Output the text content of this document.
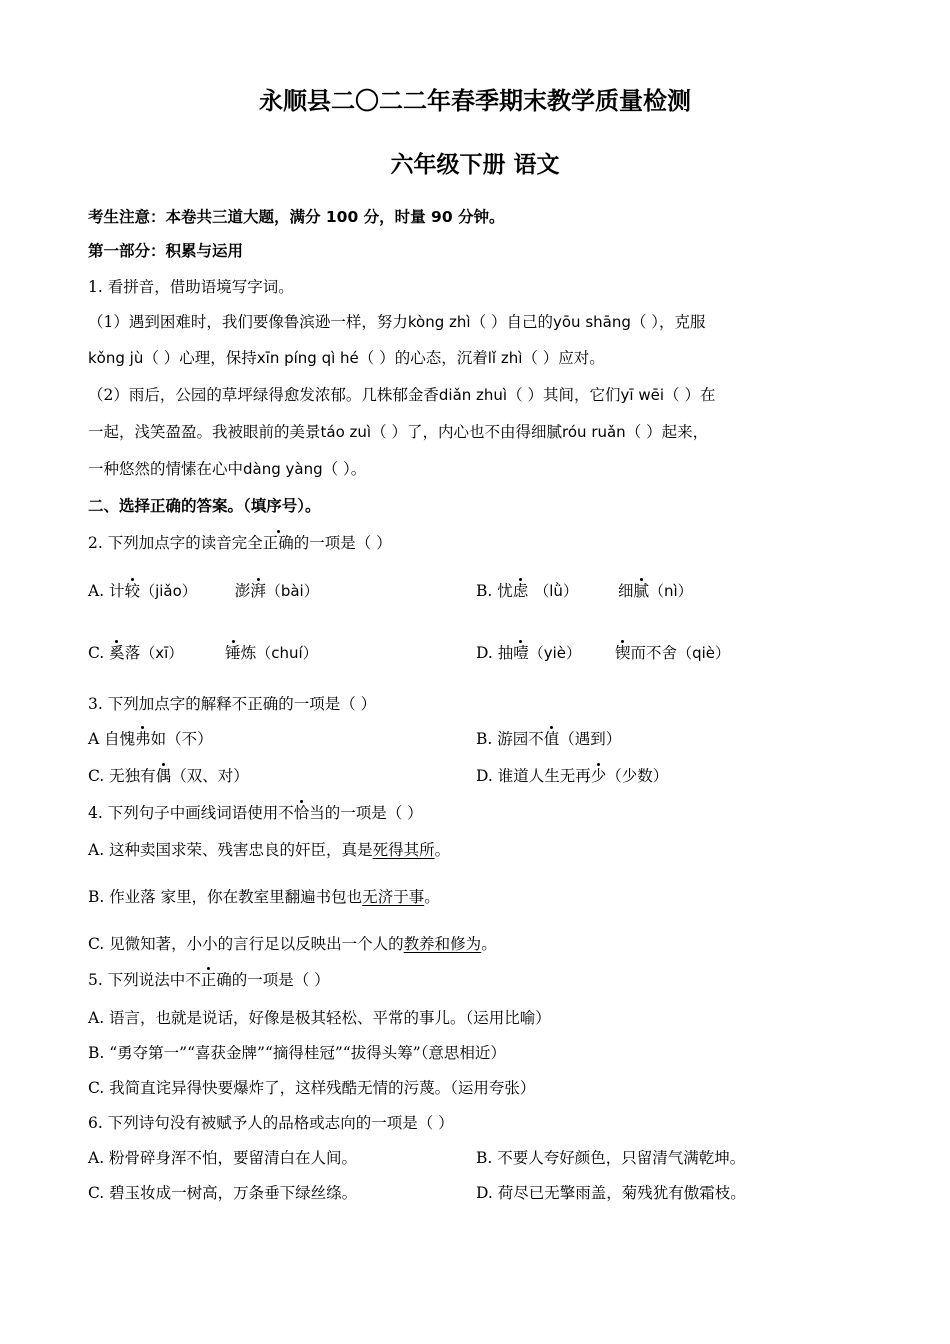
永顺县二〇二二年春季期末教学质量检测
六年级下册 语文
考生注意：本卷共三道大题，满分 100 分，时量 90 分钟。
第一部分：积累与运用
1. 看拼音，借助语境写字词。
（1）遇到困难时，我们要像鲁滨逊一样，努力kòng zhì（ ）自己的yōu shāng（ ），克服
kǒng jù（ ）心理，保持xīn píng qì hé（ ）的心态，沉着lǐ zhì（ ）应对。
（2）雨后，公园的草坪绿得愈发浓郁。几株郁金香diǎn zhuì（ ）其间，它们yī wēi（ ）在
一起，浅笑盈盈。我被眼前的美景táo zuì（ ）了，内心也不由得细腻róu ruǎn（ ）起来，
一种悠然的情愫在心中dàng yàng（ ）。
二、选择正确的答案。（填序号）。
2. 下列加点字的读音完全正确的一项是（ ）
A. 计较（jiǎo） 澎湃（bài）	B. 忧虑 （lǜ）	细腻（nì）
C. 奚落（xī）	锤炼（chuí）	D. 抽噎（yiè） 锲而不舍（qiè）
3. 下列加点字的解释不正确的一项是（ ）
A 自愧弗如（不）	B. 游园不值（遇到）
C. 无独有偶（双、对）	D. 谁道人生无再少（少数）
4. 下列句子中画线词语使用不恰当的一项是（ ）
A. 这种卖国求荣、残害忠良的奸臣，真是死得其所。
B. 作业落 家里，你在教室里翻遍书包也无济于事。
C. 见微知著，小小的言行足以反映出一个人的教养和修为。
5. 下列说法中不正确的一项是（ ）
A. 语言，也就是说话，好像是极其轻松、平常的事儿。（运用比喻）
B. “勇夺第一”“喜获金牌”“摘得桂冠”“拔得头筹”（意思相近）
C. 我简直诧异得快要爆炸了，这样残酷无情的污蔑。（运用夸张）
6. 下列诗句没有被赋予人的品格或志向的一项是（ ）
A. 粉骨碎身浑不怕，要留清白在人间。	B. 不要人夸好颜色，只留清气满乾坤。
C. 碧玉妆成一树高，万条垂下绿丝绦。	D. 荷尽已无擎雨盖，菊残犹有傲霜枝。
